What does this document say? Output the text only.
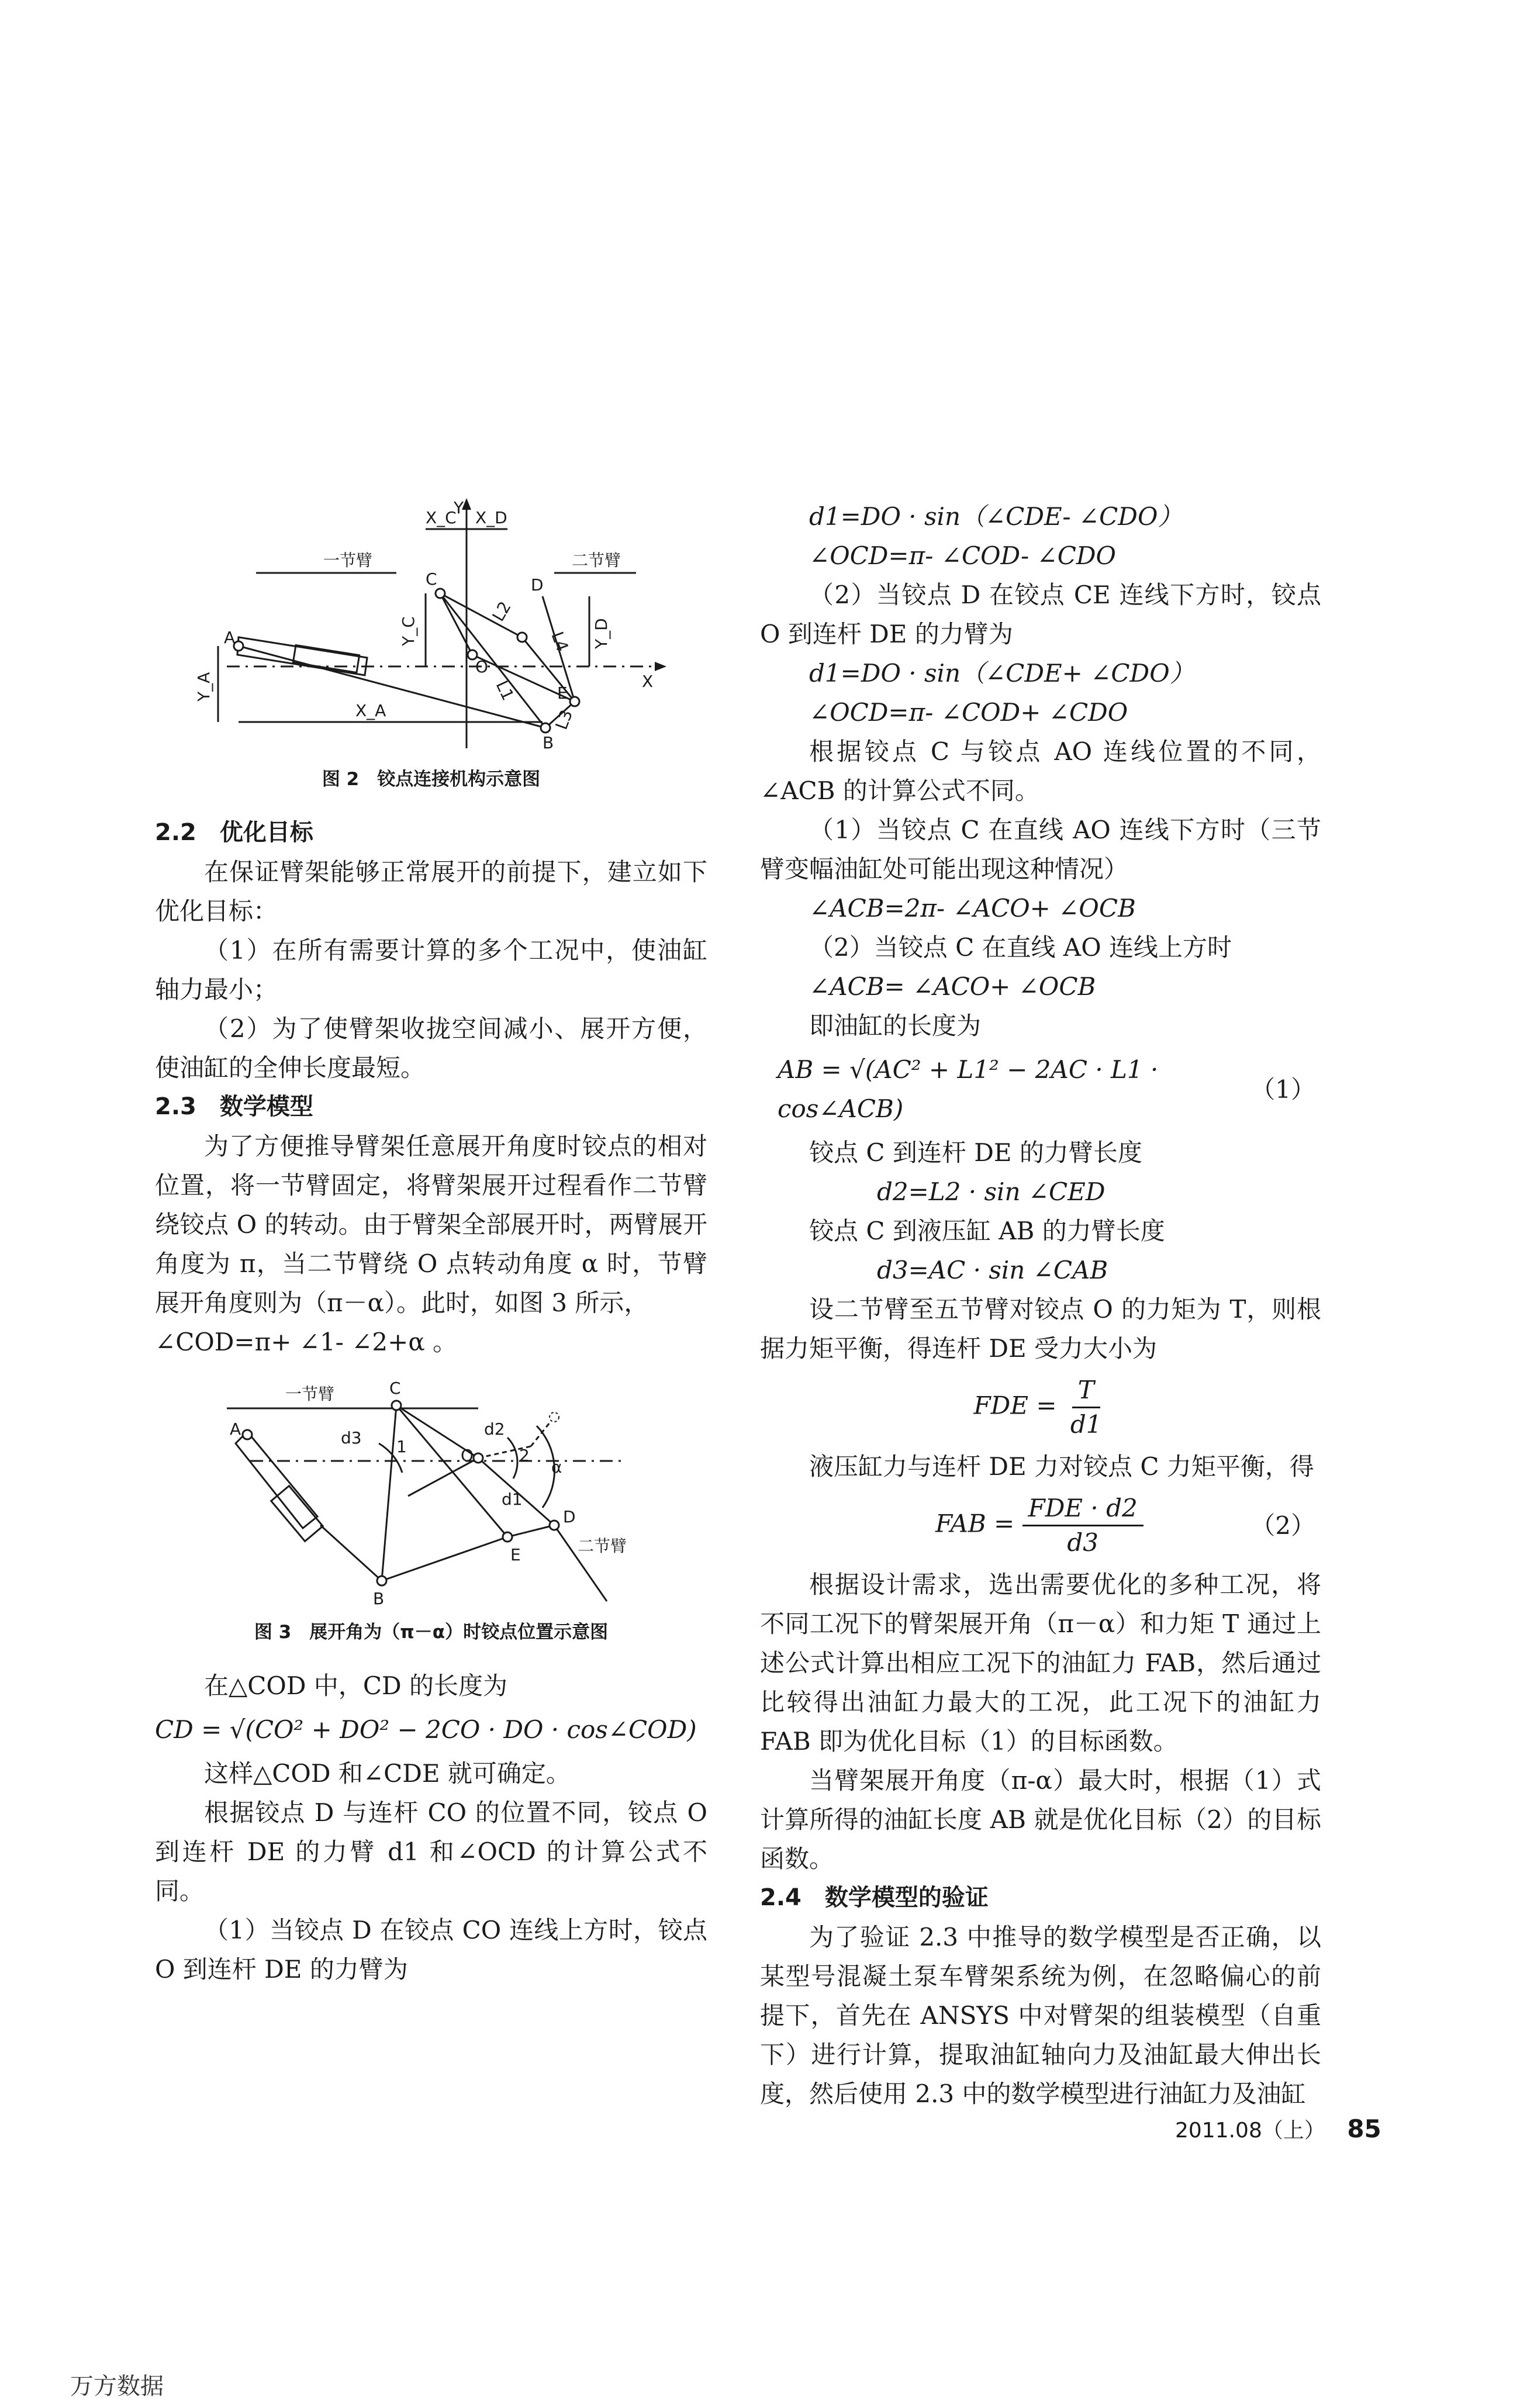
Y
X
X_C X_D
一节臂	二节臂
A
C	D
O
E
B
L1
L2
L3
L4
Y_C	Y_D
Y_A
X_A

图 2　铰点连接机构示意图

2.2　优化目标

在保证臂架能够正常展开的前提下，建立如下优化目标：

（1）在所有需要计算的多个工况中，使油缸轴力最小；

（2）为了使臂架收拢空间减小、展开方便，使油缸的全伸长度最短。

2.3　数学模型

为了方便推导臂架任意展开角度时铰点的相对位置，将一节臂固定，将臂架展开过程看作二节臂绕铰点 O 的转动。由于臂架全部展开时，两臂展开角度为 π，当二节臂绕 O 点转动角度 α 时，节臂展开角度则为（π－α）。此时，如图 3 所示，

∠COD=π+ ∠1- ∠2+α 。

一节臂
二节臂
A
C
O
D
E
B
d3	d2
d1
1	2
α

图 3　展开角为（π－α）时铰点位置示意图

在△COD 中，CD 的长度为

CD = √(CO² + DO² − 2CO · DO · cos∠COD)

这样△COD 和∠CDE 就可确定。

根据铰点 D 与连杆 CO 的位置不同，铰点 O 到连杆 DE 的力臂 d1 和∠OCD 的计算公式不同。

（1）当铰点 D 在铰点 CO 连线上方时，铰点 O 到连杆 DE 的力臂为

d1=DO · sin（∠CDE- ∠CDO）

∠OCD=π- ∠COD- ∠CDO

（2）当铰点 D 在铰点 CE 连线下方时，铰点 O 到连杆 DE 的力臂为

d1=DO · sin（∠CDE+ ∠CDO）

∠OCD=π- ∠COD+ ∠CDO

根据铰点 C 与铰点 AO 连线位置的不同，∠ACB 的计算公式不同。

（1）当铰点 C 在直线 AO 连线下方时（三节臂变幅油缸处可能出现这种情况）

∠ACB=2π- ∠ACO+ ∠OCB

（2）当铰点 C 在直线 AO 连线上方时

∠ACB= ∠ACO+ ∠OCB

即油缸的长度为

AB = √(AC² + L1² − 2AC · L1 · cos∠ACB)
（1）

铰点 C 到连杆 DE 的力臂长度

d2=L2 · sin ∠CED

铰点 C 到液压缸 AB 的力臂长度

d3=AC · sin ∠CAB

设二节臂至五节臂对铰点 O 的力矩为 T，则根据力矩平衡，得连杆 DE 受力大小为

FDE = $\frac{T}{d1}$

液压缸力与连杆 DE 力对铰点 C 力矩平衡，得

FAB = $\frac{\text{FDE · d2}}{d3}$	（2）

根据设计需求，选出需要优化的多种工况，将不同工况下的臂架展开角（π－α）和力矩 T 通过上述公式计算出相应工况下的油缸力 FAB，然后通过比较得出油缸力最大的工况，此工况下的油缸力 FAB 即为优化目标（1）的目标函数。

当臂架展开角度（π-α）最大时，根据（1）式计算所得的油缸长度 AB 就是优化目标（2）的目标函数。

2.4　数学模型的验证

为了验证 2.3 中推导的数学模型是否正确，以某型号混凝土泵车臂架系统为例，在忽略偏心的前提下，首先在 ANSYS 中对臂架的组装模型（自重下）进行计算，提取油缸轴向力及油缸最大伸出长度，然后使用 2.3 中的数学模型进行油缸力及油缸

2011.08（上） 85
万方数据
